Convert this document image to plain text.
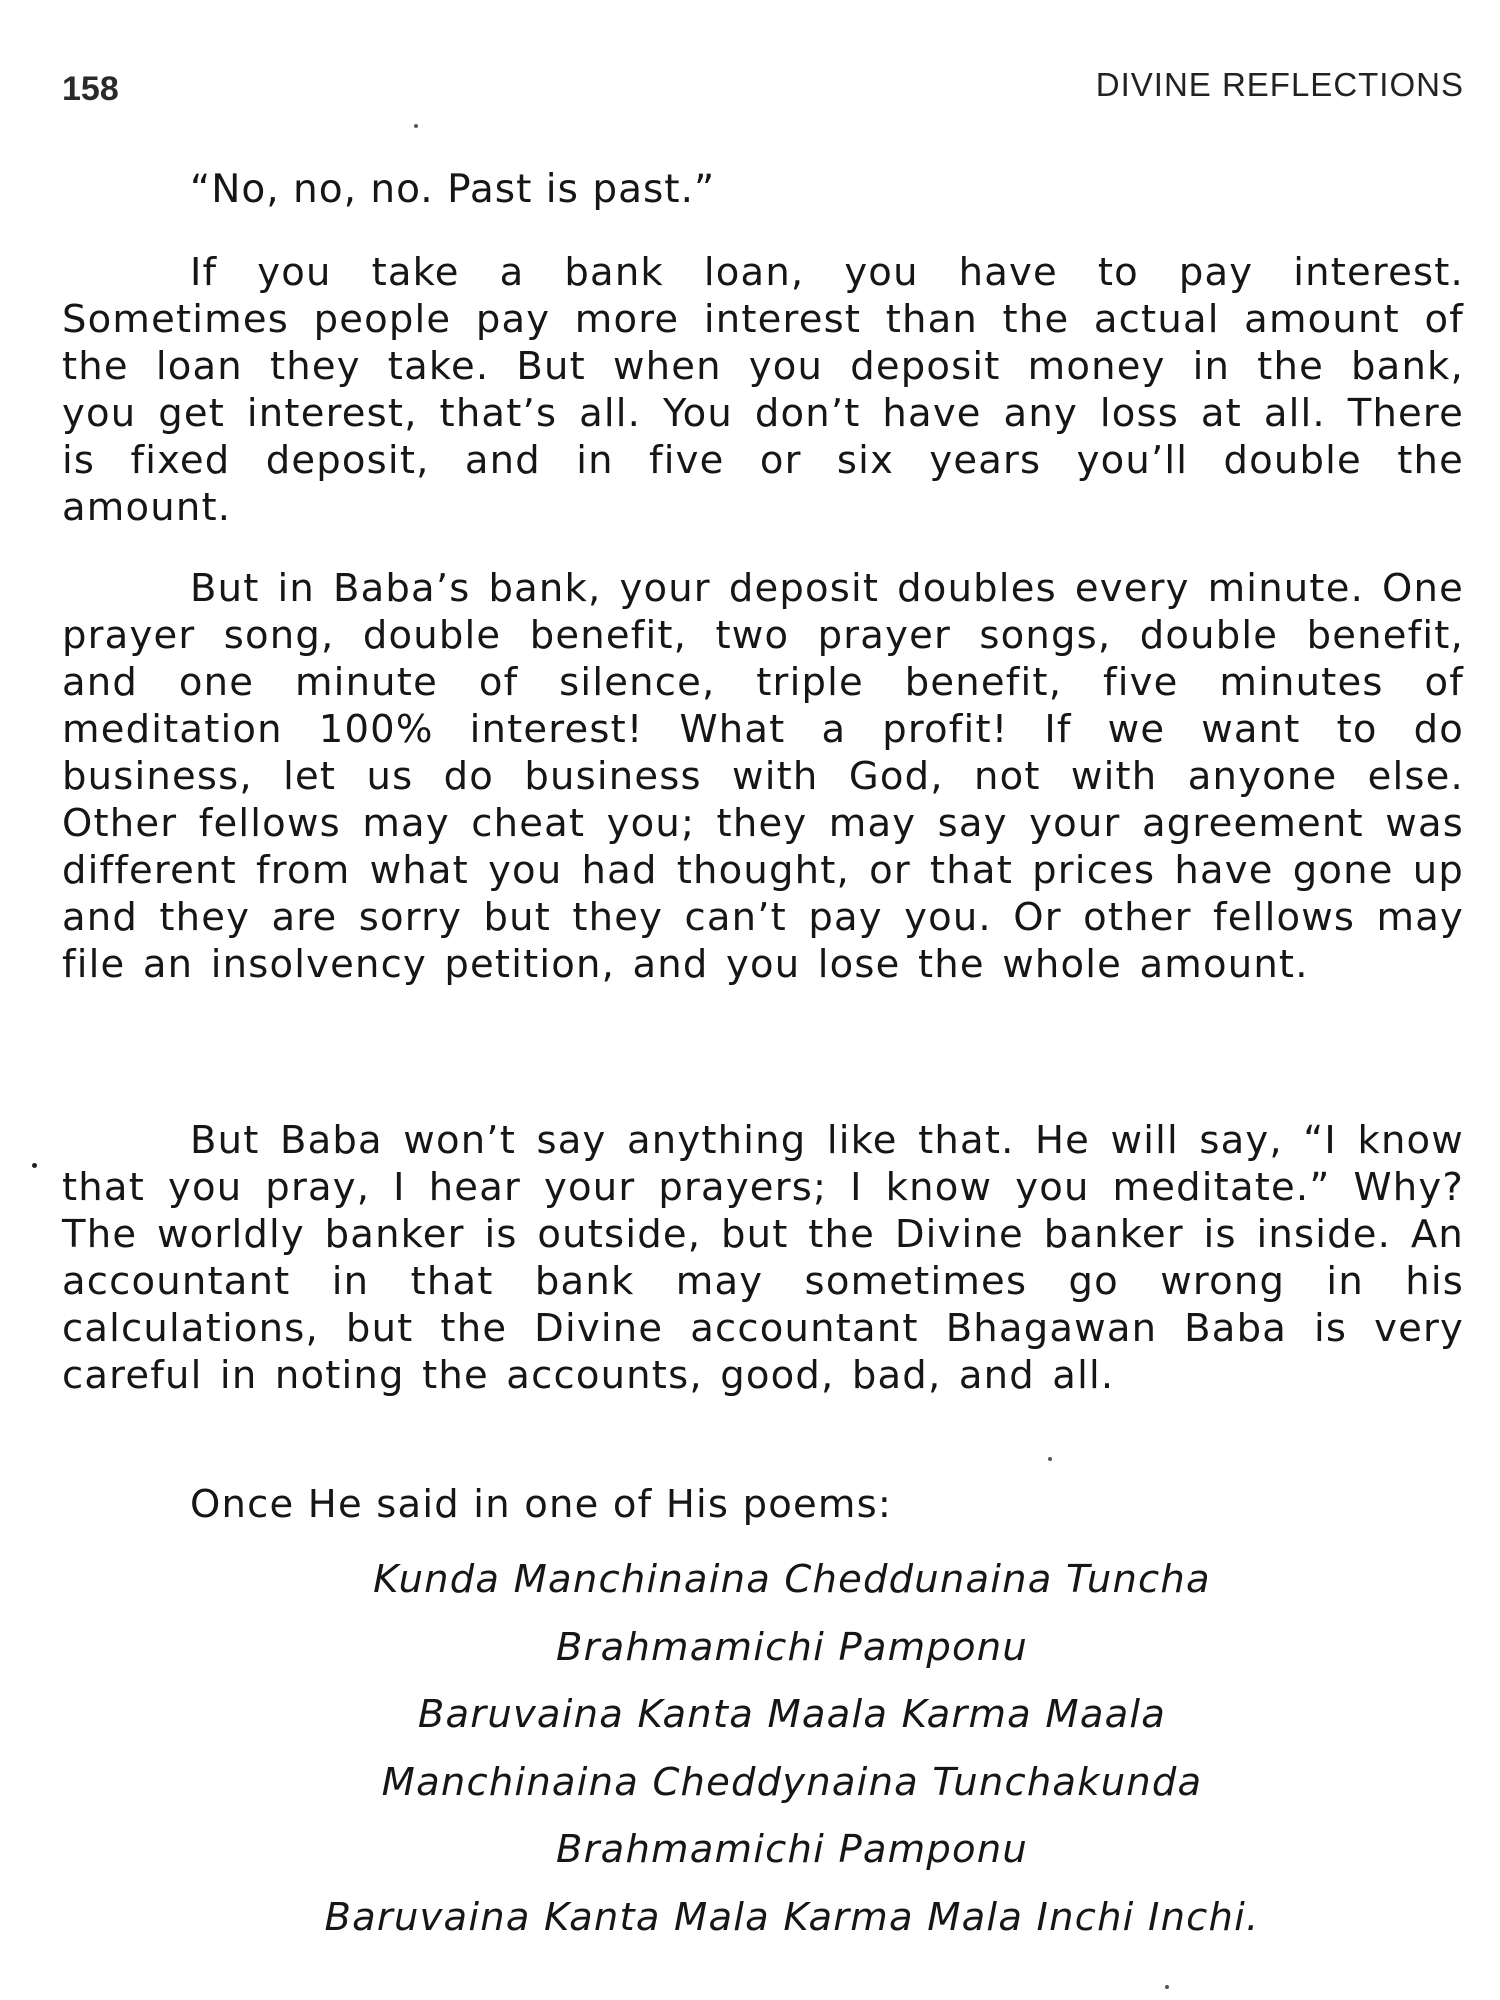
158	DIVINE REFLECTIONS
“No, no, no. Past is past.”

If you take a bank loan, you have to pay interest. Sometimes people pay more interest than the actual amount of the loan they take. But when you deposit money in the bank, you get interest, that’s all. You don’t have any loss at all. There is fixed deposit, and in five or six years you’ll double the amount.

But in Baba’s bank, your deposit doubles every minute. One prayer song, double benefit, two prayer songs, double benefit, and one minute of silence, triple benefit, five minutes of meditation 100% interest! What a profit! If we want to do business, let us do business with God, not with anyone else. Other fellows may cheat you; they may say your agreement was different from what you had thought, or that prices have gone up and they are sorry but they can’t pay you. Or other fellows may file an insolvency petition, and you lose the whole amount.

But Baba won’t say anything like that. He will say, “I know that you pray, I hear your prayers; I know you meditate.” Why? The worldly banker is outside, but the Divine banker is inside. An accountant in that bank may sometimes go wrong in his calculations, but the Divine accountant Bhagawan Baba is very careful in noting the accounts, good, bad, and all.

Once He said in one of His poems:
Kunda Manchinaina Cheddunaina Tuncha
Brahmamichi Pamponu
Baruvaina Kanta Maala Karma Maala
Manchinaina Cheddynaina Tunchakunda
Brahmamichi Pamponu
Baruvaina Kanta Mala Karma Mala Inchi Inchi.
